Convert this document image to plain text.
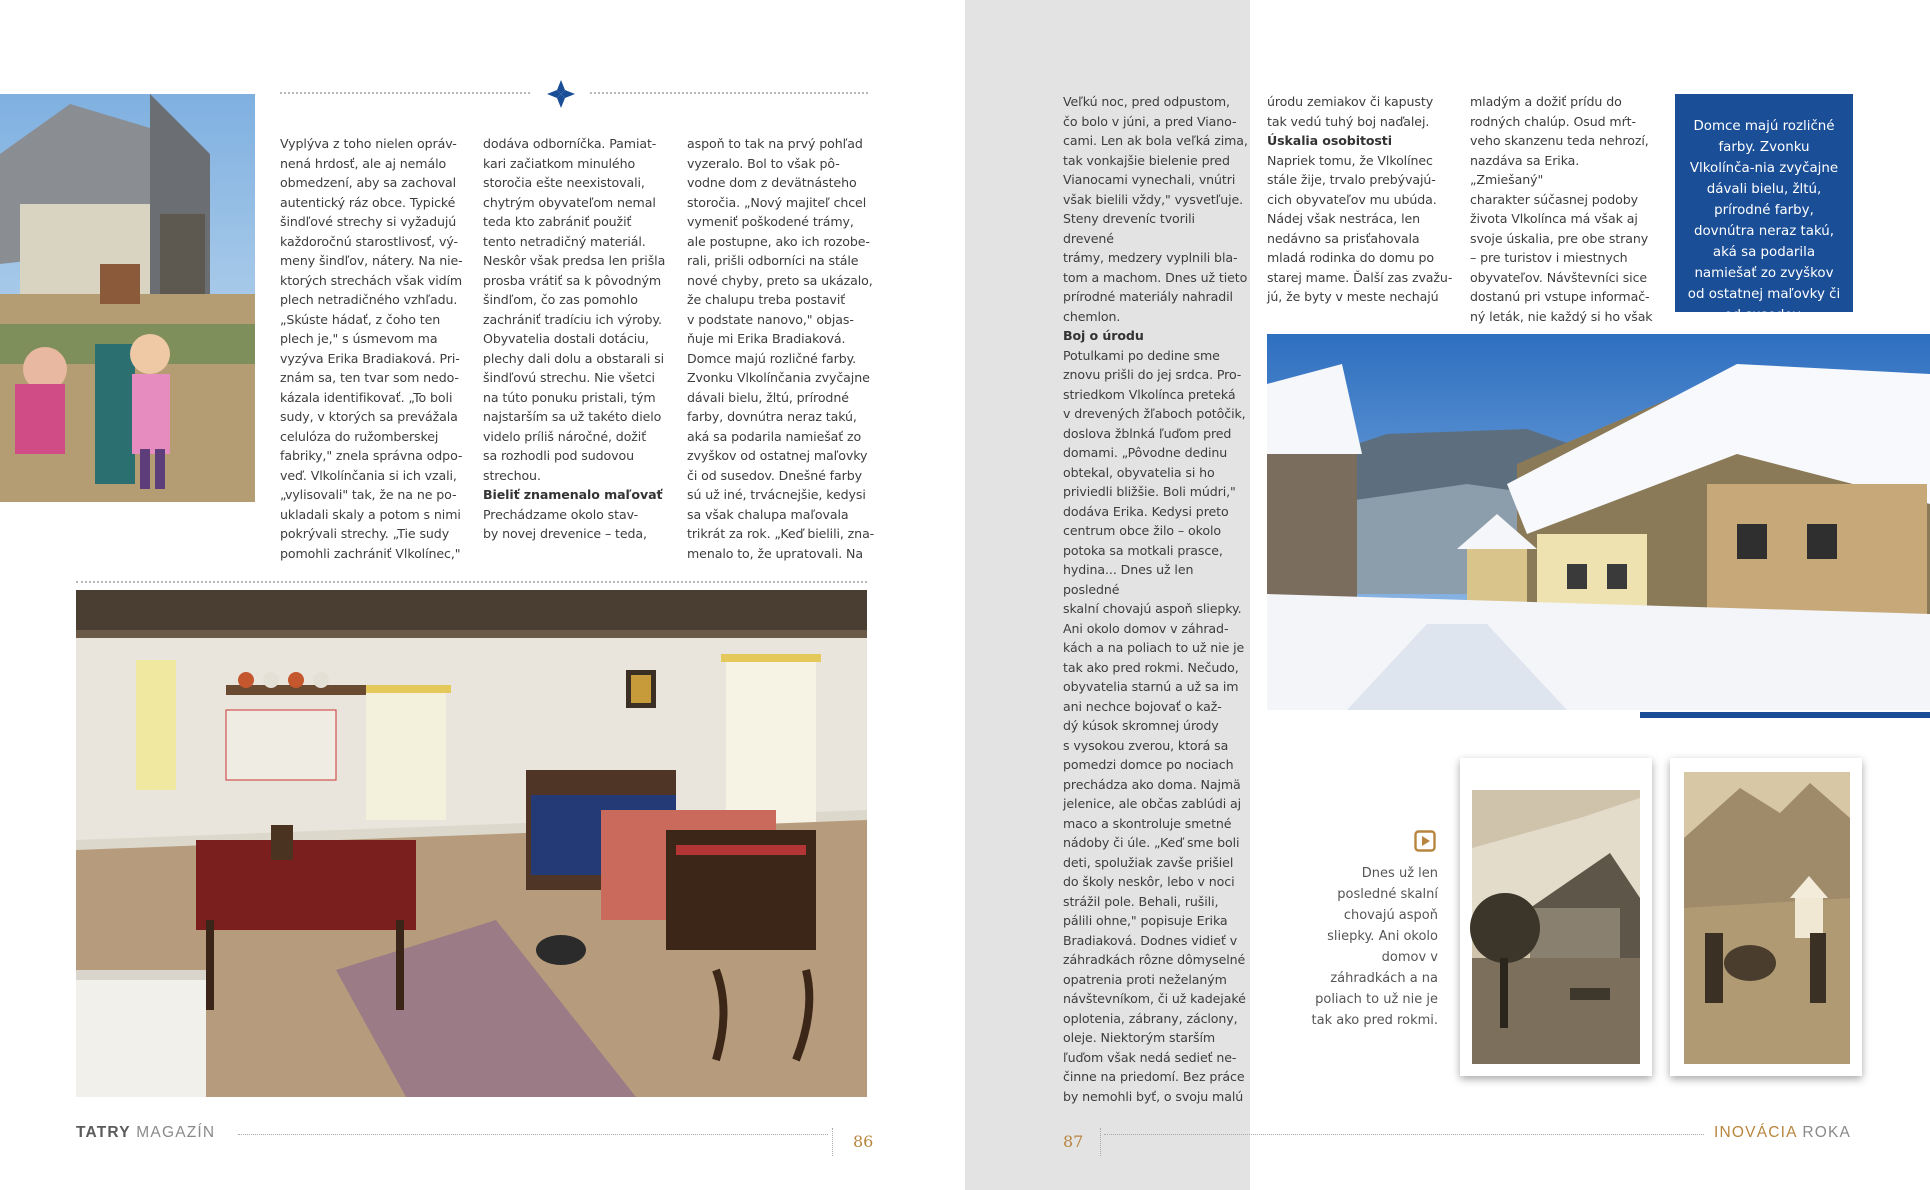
Vyplýva z toho nielen opráv-

nená hrdosť, ale aj nemálo

obmedzení, aby sa zachoval

autentický ráz obce. Typické

šindľové strechy si vyžadujú

každoročnú starostlivosť, vý-

meny šindľov, nátery. Na nie-

ktorých strechách však vidím

plech netradičného vzhľadu.

„Skúste hádať, z čoho ten

plech je," s úsmevom ma

vyzýva Erika Bradiaková. Pri-

znám sa, ten tvar som nedo-

kázala identifikovať. „To boli

sudy, v ktorých sa prevážala

celulóza do ružomberskej

fabriky," znela správna odpo-

veď. Vlkolínčania si ich vzali,

„vylisovali" tak, že na ne po-

ukladali skaly a potom s nimi

pokrývali strechy. „Tie sudy

pomohli zachrániť Vlkolínec,"

dodáva odborníčka. Pamiat-

kari začiatkom minulého

storočia ešte neexistovali,

chytrým obyvateľom nemal

teda kto zabrániť použiť

tento netradičný materiál.

Neskôr však predsa len prišla

prosba vrátiť sa k pôvodným

šindľom, čo zas pomohlo

zachrániť tradíciu ich výroby.

Obyvatelia dostali dotáciu,

plechy dali dolu a obstarali si

šindľovú strechu. Nie všetci

na túto ponuku pristali, tým

najstarším sa už takéto dielo

videlo príliš náročné, dožiť

sa rozhodli pod sudovou

strechou.

Bieliť znamenalo maľovať

Prechádzame okolo stav-

by novej drevenice – teda,

aspoň to tak na prvý pohľad

vyzeralo. Bol to však pô-

vodne dom z devätnásteho

storočia. „Nový majiteľ chcel

vymeniť poškodené trámy,

ale postupne, ako ich rozobe-

rali, prišli odborníci na stále

nové chyby, preto sa ukázalo,

že chalupu treba postaviť

v podstate nanovo," objas-

ňuje mi Erika Bradiaková.

Domce majú rozličné farby.

Zvonku Vlkolínčania zvyčajne

dávali bielu, žltú, prírodné

farby, dovnútra neraz takú,

aká sa podarila namiešať zo

zvyškov od ostatnej maľovky

či od susedov. Dnešné farby

sú už iné, trvácnejšie, kedysi

sa však chalupa maľovala

trikrát za rok. „Keď bielili, zna-

menalo to, že upratovali. Na

TATRY MAGAZÍN	86

Veľkú noc, pred odpustom,

čo bolo v júni, a pred Viano-

cami. Len ak bola veľká zima,

tak vonkajšie bielenie pred

Vianocami vynechali, vnútri

však bielili vždy," vysvetľuje.

Steny dreveníc tvorili drevené

trámy, medzery vyplnili bla-

tom a machom. Dnes už tieto

prírodné materiály nahradil

chemlon.

Boj o úrodu

Potulkami po dedine sme

znovu prišli do jej srdca. Pro-

striedkom Vlkolínca preteká

v drevených žľaboch potôčik,

doslova žblnká ľuďom pred

domami. „Pôvodne dedinu

obtekal, obyvatelia si ho

priviedli bližšie. Boli múdri,"

dodáva Erika. Kedysi preto

centrum obce žilo – okolo

potoka sa motkali prasce,

hydina... Dnes už len posledné

skalní chovajú aspoň sliepky.

Ani okolo domov v záhrad-

kách a na poliach to už nie je

tak ako pred rokmi. Nečudo,

obyvatelia starnú a už sa im

ani nechce bojovať o kaž-

dý kúsok skromnej úrody

s vysokou zverou, ktorá sa

pomedzi domce po nociach

prechádza ako doma. Najmä

jelenice, ale občas zablúdi aj

maco a skontroluje smetné

nádoby či úle. „Keď sme boli

deti, spolužiak zavše prišiel

do školy neskôr, lebo v noci

strážil pole. Behali, rušili,

pálili ohne," popisuje Erika

Bradiaková. Dodnes vidieť v

záhradkách rôzne dômyselné

opatrenia proti neželaným

návštevníkom, či už kadejaké

oplotenia, zábrany, záclony,

oleje. Niektorým starším

ľuďom však nedá sedieť ne-

činne na priedomí. Bez práce

by nemohli byť, o svoju malú

úrodu zemiakov či kapusty

tak vedú tuhý boj naďalej.

Úskalia osobitosti

Napriek tomu, že Vlkolínec

stále žije, trvalo prebývajú-

cich obyvateľov mu ubúda.

Nádej však nestráca, len

nedávno sa prisťahovala

mladá rodinka do domu po

starej mame. Ďalší zas zvažu-

jú, že byty v meste nechajú

mladým a dožiť prídu do

rodných chalúp. Osud mŕt-

veho skanzenu teda nehrozí,

nazdáva sa Erika. „Zmiešaný"

charakter súčasnej podoby

života Vlkolínca má však aj

svoje úskalia, pre obe strany

– pre turistov i miestnych

obyvateľov. Návštevníci sice

dostanú pri vstupe informač-

ný leták, nie každý si ho však

Domce majú rozličné farby. Zvonku Vlkolínča-nia zvyčajne dávali bielu, žltú, prírodné farby, dovnútra neraz takú, aká sa podarila namiešať zo zvyškov od ostatnej maľovky či od susedov.
Dnes už len posledné skalní chovajú aspoň sliepky. Ani okolo domov v záhradkách a na poliach to už nie je tak ako pred rokmi.
87	INOVÁCIA ROKA
